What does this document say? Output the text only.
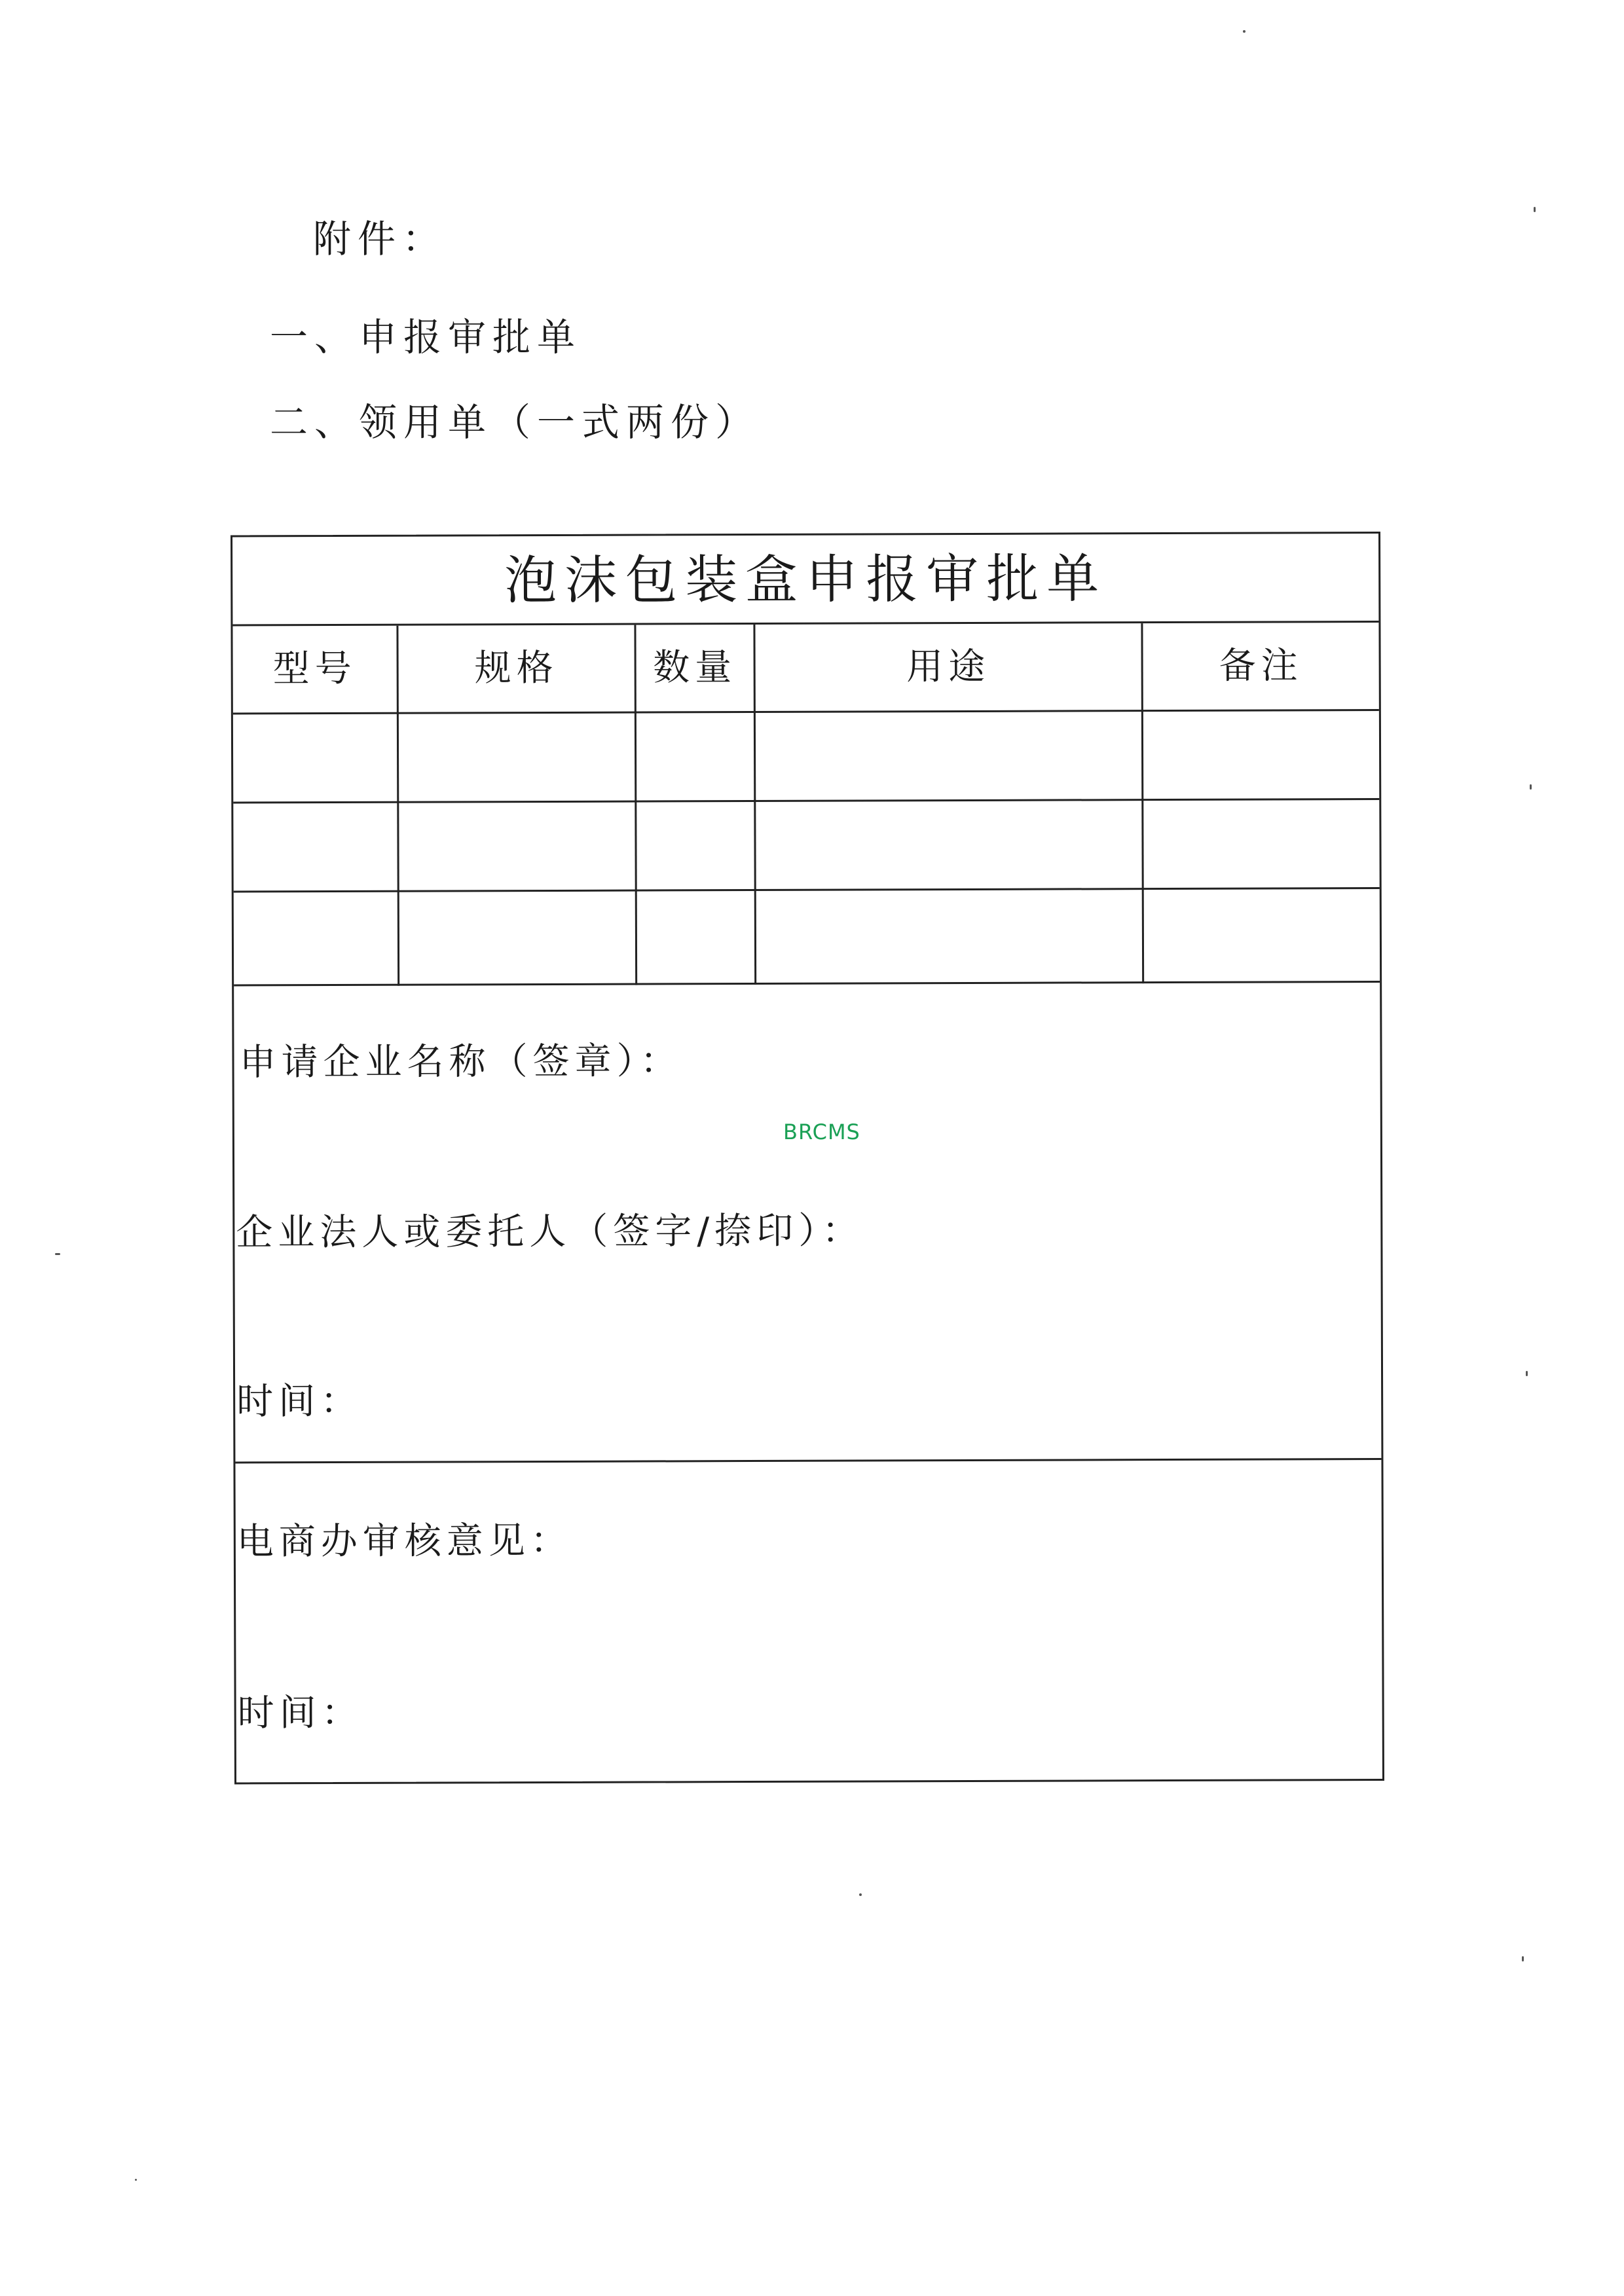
附件：
一、申报审批单
二、领用单（一式两份）
泡沫包装盒申报审批单
型号	规格	数量	用途	备注
申请企业名称（签章）：
企业法人或委托人（签字/捺印）：
时间：
电商办审核意见：
时间：
BRCMS
